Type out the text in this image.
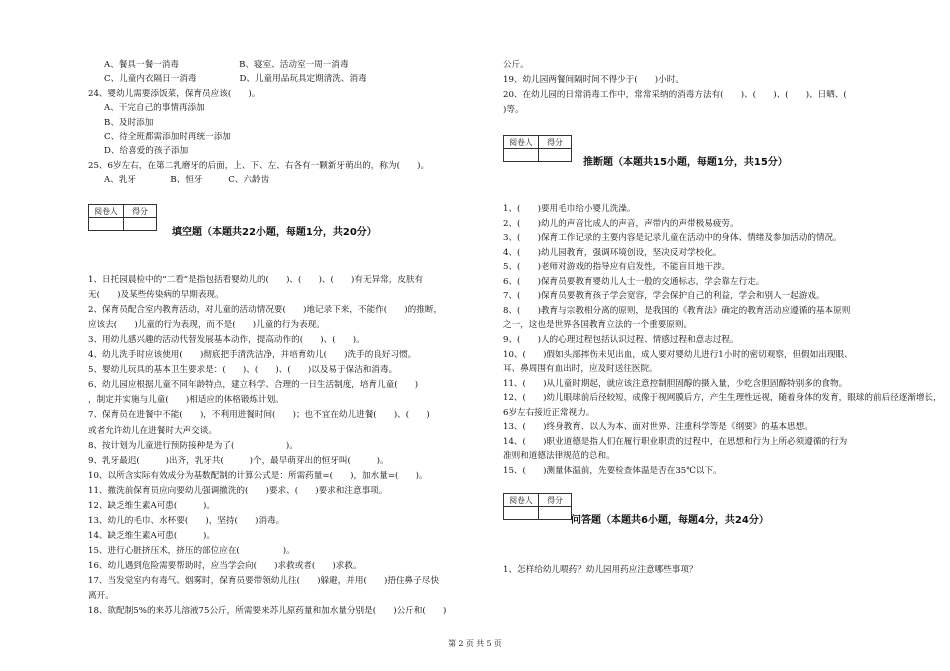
A、餐具一餐一消毒　　　　　　　B、寝室、活动室一周一消毒
C、儿童内衣隔日一消毒　　　　　D、儿童用品玩具定期清洗、消毒
24、婴幼儿需要添饭菜，保育员应该(　　)。
A、干完自己的事情再添加
B、及时添加
C、待全班都需添加时再统一添加
D、给喜爱的孩子添加
25、6岁左右，在第二乳磨牙的后面，上、下、左、右各有一颗新牙萌出的，称为(　　)。
A、乳牙　　　　B、恒牙　　　C、六龄齿
阅卷人	得分

填空题（本题共22小题，每题1分，共20分）
1、日托园晨检中的“二看”是指包括看婴幼儿的(　　)、(　　)、(　　)有无异常，皮肤有
无(　　)及某些传染病的早期表现。
2、保育员配合室内教育活动，对儿童的活动情况要(　　)地记录下来，不能作(　　)的推断，
应该去(　　)儿童的行为表现，而不是(　　)儿童的行为表现。
3、用幼儿感兴趣的活动代替发展基本动作，提高动作的(　　)、(　　)。
4、幼儿洗手时应该使用(　　)彻底把手清洗洁净，并培育幼儿(　　)洗手的良好习惯。
5、婴幼儿玩具的基本卫生要求是：(　　)、(　　)、(　　)以及易于保洁和消毒。
6、幼儿园应根据儿童不同年龄特点，建立科学、合理的一日生活制度，培育儿童(　　)
，制定并实施与儿童(　　)相适应的体格锻炼计划。
7、保育员在进餐中不能(　　)，不利用进餐时间(　　)；也不宜在幼儿进餐(　　)、(　　)
或者允许幼儿在进餐时大声交谈。
8、按计划为儿童进行预防接种是为了(　　　　　　)。
9、乳牙最迟(　　　)出齐，乳牙共(　　　)个，最早萌芽出的恒牙叫(　　　)。
10、以所含实际有效成分为基数配制的计算公式是：所需药量=(　　)，加水量=(　　)。
11、撤洗前保育员应向要幼儿强调撤洗的(　　)要求、(　　)要求和注意事项。
12、缺乏维生素A可患(　　　)。
13、幼儿的毛巾、水杯要(　　)，坚持(　　)消毒。
14、缺乏维生素A可患(　　　)。
15、进行心脏挤压术，挤压的部位应在(　　　　　)。
16、幼儿遇到危险需要帮助时，应当学会向(　　)求救或者(　　)求救。
17、当发觉室内有毒气、烟雾时，保育员要带领幼儿往(　　)躲避，并用(　　)捂住鼻子尽快
离开。
18、欲配制5%的来苏儿溶液75公斤，所需要来苏儿原药量和加水量分别是(　　)公斤和(　　)
公斤。
19、幼儿园两餐间隔时间不得少于(　　)小时。
20、在幼儿园的日常消毒工作中，常常采纳的消毒方法有(　　)、(　　)、(　　)、日晒、(　　
)等。
阅卷人	得分

推断题（本题共15小题，每题1分，共15分）
1、(　　)要用毛巾给小婴儿洗澡。
2、(　　)幼儿的声音比成人的声音，声带内的声带极易疲劳。
3、(　　)保育工作记录的主要内容是记录儿童在活动中的身体、情绪及参加活动的情况。
4、(　　)幼儿园教育，强调环境创设，坚决反对学校化。
5、(　　)老师对游戏的指导应有启发性，不能盲目地干涉。
6、(　　)保育员要教育婴幼儿人士一般的交通标志，学会靠左行走。
7、(　　)保育员要教育孩子学会宽容，学会保护自己的利益，学会和别人一起游戏。
8、(　　)教育与宗教相分离的原则，是我国的《教育法》确定的教育活动应遵循的基本原则
之一，这也是世界各国教育立法的一个重要原则。
9、(　　)人的心理过程包括认识过程、情感过程和意志过程。
10、(　　)假如头部摔伤未见出血，成人要对婴幼儿进行1小时的密切观察，但假如出现眼、
耳、鼻周围有血出时，应及时送往医院。
11、(　　)从儿童时期起，就应该注意控制胆固醇的摄入量，少吃含胆固醇特别多的食物。
12、(　　)幼儿眼球前后径较短，成像于视网膜后方，产生生理性远视，随着身体的发育，眼球的前后径逐渐增长，
6岁左右接近正常视力。
13、(　　)终身教育、以人为本、面对世界、注重科学等是《纲要》的基本思想。
14、(　　)职业道德是指人们在履行职业职责的过程中，在思想和行为上所必须遵循的行为
准则和道德法律规范的总和。
15、(　　)测量体温前，先要检查体温是否在35℃以下。
阅卷人	得分

问答题（本题共6小题，每题4分，共24分）
1、怎样给幼儿喂药？幼儿园用药应注意哪些事项？
第 2 页 共 5 页
